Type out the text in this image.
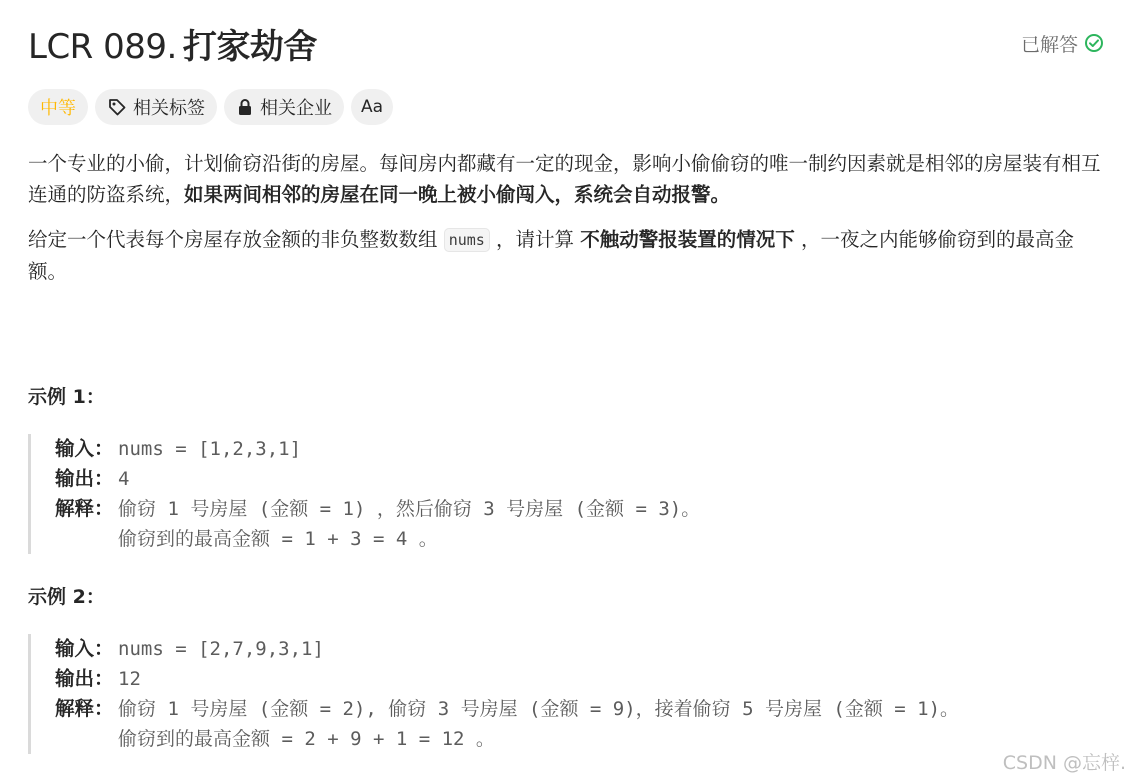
LCR 089. 打家劫舍	已解答
中等	相关标签	相关企业 Aa

一个专业的小偷，计划偷窃沿街的房屋。每间房内都藏有一定的现金，影响小偷偷窃的唯一制约因素就是相邻的房屋装有相互连通的防盗系统，如果两间相邻的房屋在同一晚上被小偷闯入，系统会自动报警。

给定一个代表每个房屋存放金额的非负整数数组 nums ，请计算 不触动警报装置的情况下 ，一夜之内能够偷窃到的最高金额。

示例 1：
输入： nums = [1,2,3,1]
输出： 4
解释： 偷窃 1 号房屋 (金额 = 1) ，然后偷窃 3 号房屋 (金额 = 3)。
偷窃到的最高金额 = 1 + 3 = 4 。
示例 2：
输入： nums = [2,7,9,3,1]
输出： 12
解释： 偷窃 1 号房屋 (金额 = 2), 偷窃 3 号房屋 (金额 = 9)，接着偷窃 5 号房屋 (金额 = 1)。
偷窃到的最高金额 = 2 + 9 + 1 = 12 。
CSDN @忘梓.
